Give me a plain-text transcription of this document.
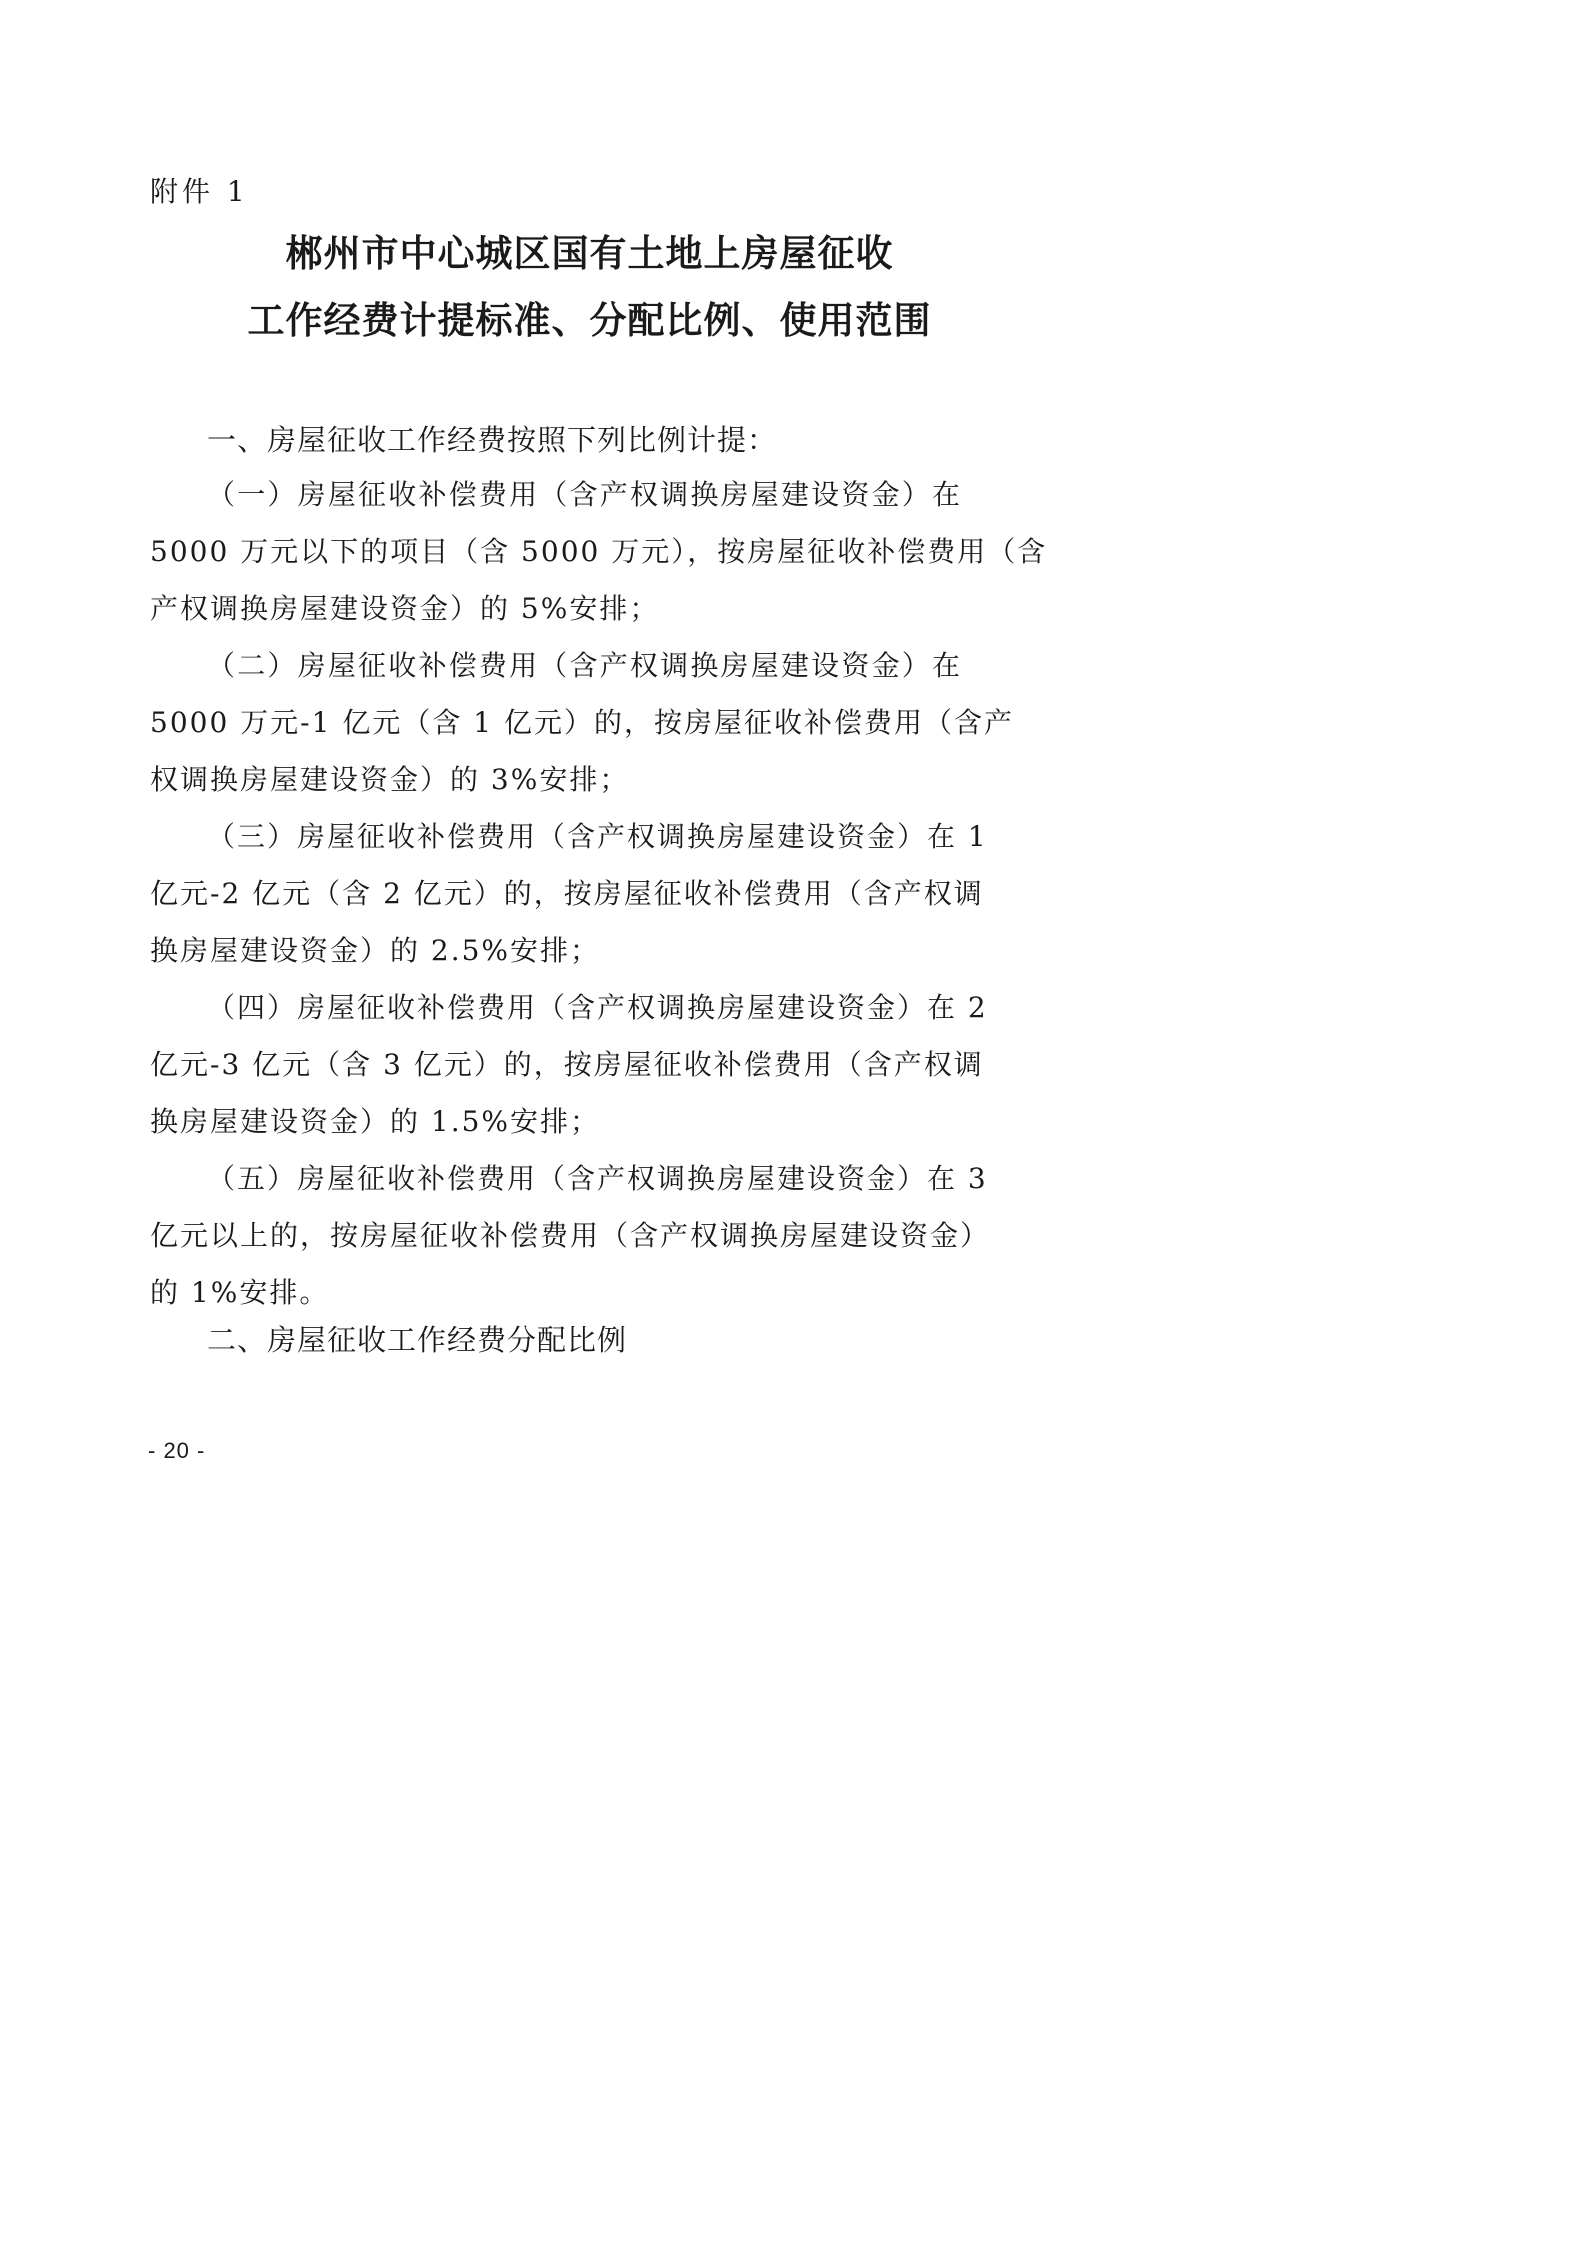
附件 1
郴州市中心城区国有土地上房屋征收
工作经费计提标准、分配比例、使用范围
一、房屋征收工作经费按照下列比例计提：
（一）房屋征收补偿费用（含产权调换房屋建设资金）在
5000 万元以下的项目（含 5000 万元），按房屋征收补偿费用（含
产权调换房屋建设资金）的 5%安排；
（二）房屋征收补偿费用（含产权调换房屋建设资金）在
5000 万元-1 亿元（含 1 亿元）的，按房屋征收补偿费用（含产
权调换房屋建设资金）的 3%安排；
（三）房屋征收补偿费用（含产权调换房屋建设资金）在 1
亿元-2 亿元（含 2 亿元）的，按房屋征收补偿费用（含产权调
换房屋建设资金）的 2.5%安排；
（四）房屋征收补偿费用（含产权调换房屋建设资金）在 2
亿元-3 亿元（含 3 亿元）的，按房屋征收补偿费用（含产权调
换房屋建设资金）的 1.5%安排；
（五）房屋征收补偿费用（含产权调换房屋建设资金）在 3
亿元以上的，按房屋征收补偿费用（含产权调换房屋建设资金）
的 1%安排。
二、房屋征收工作经费分配比例
- 20 -
